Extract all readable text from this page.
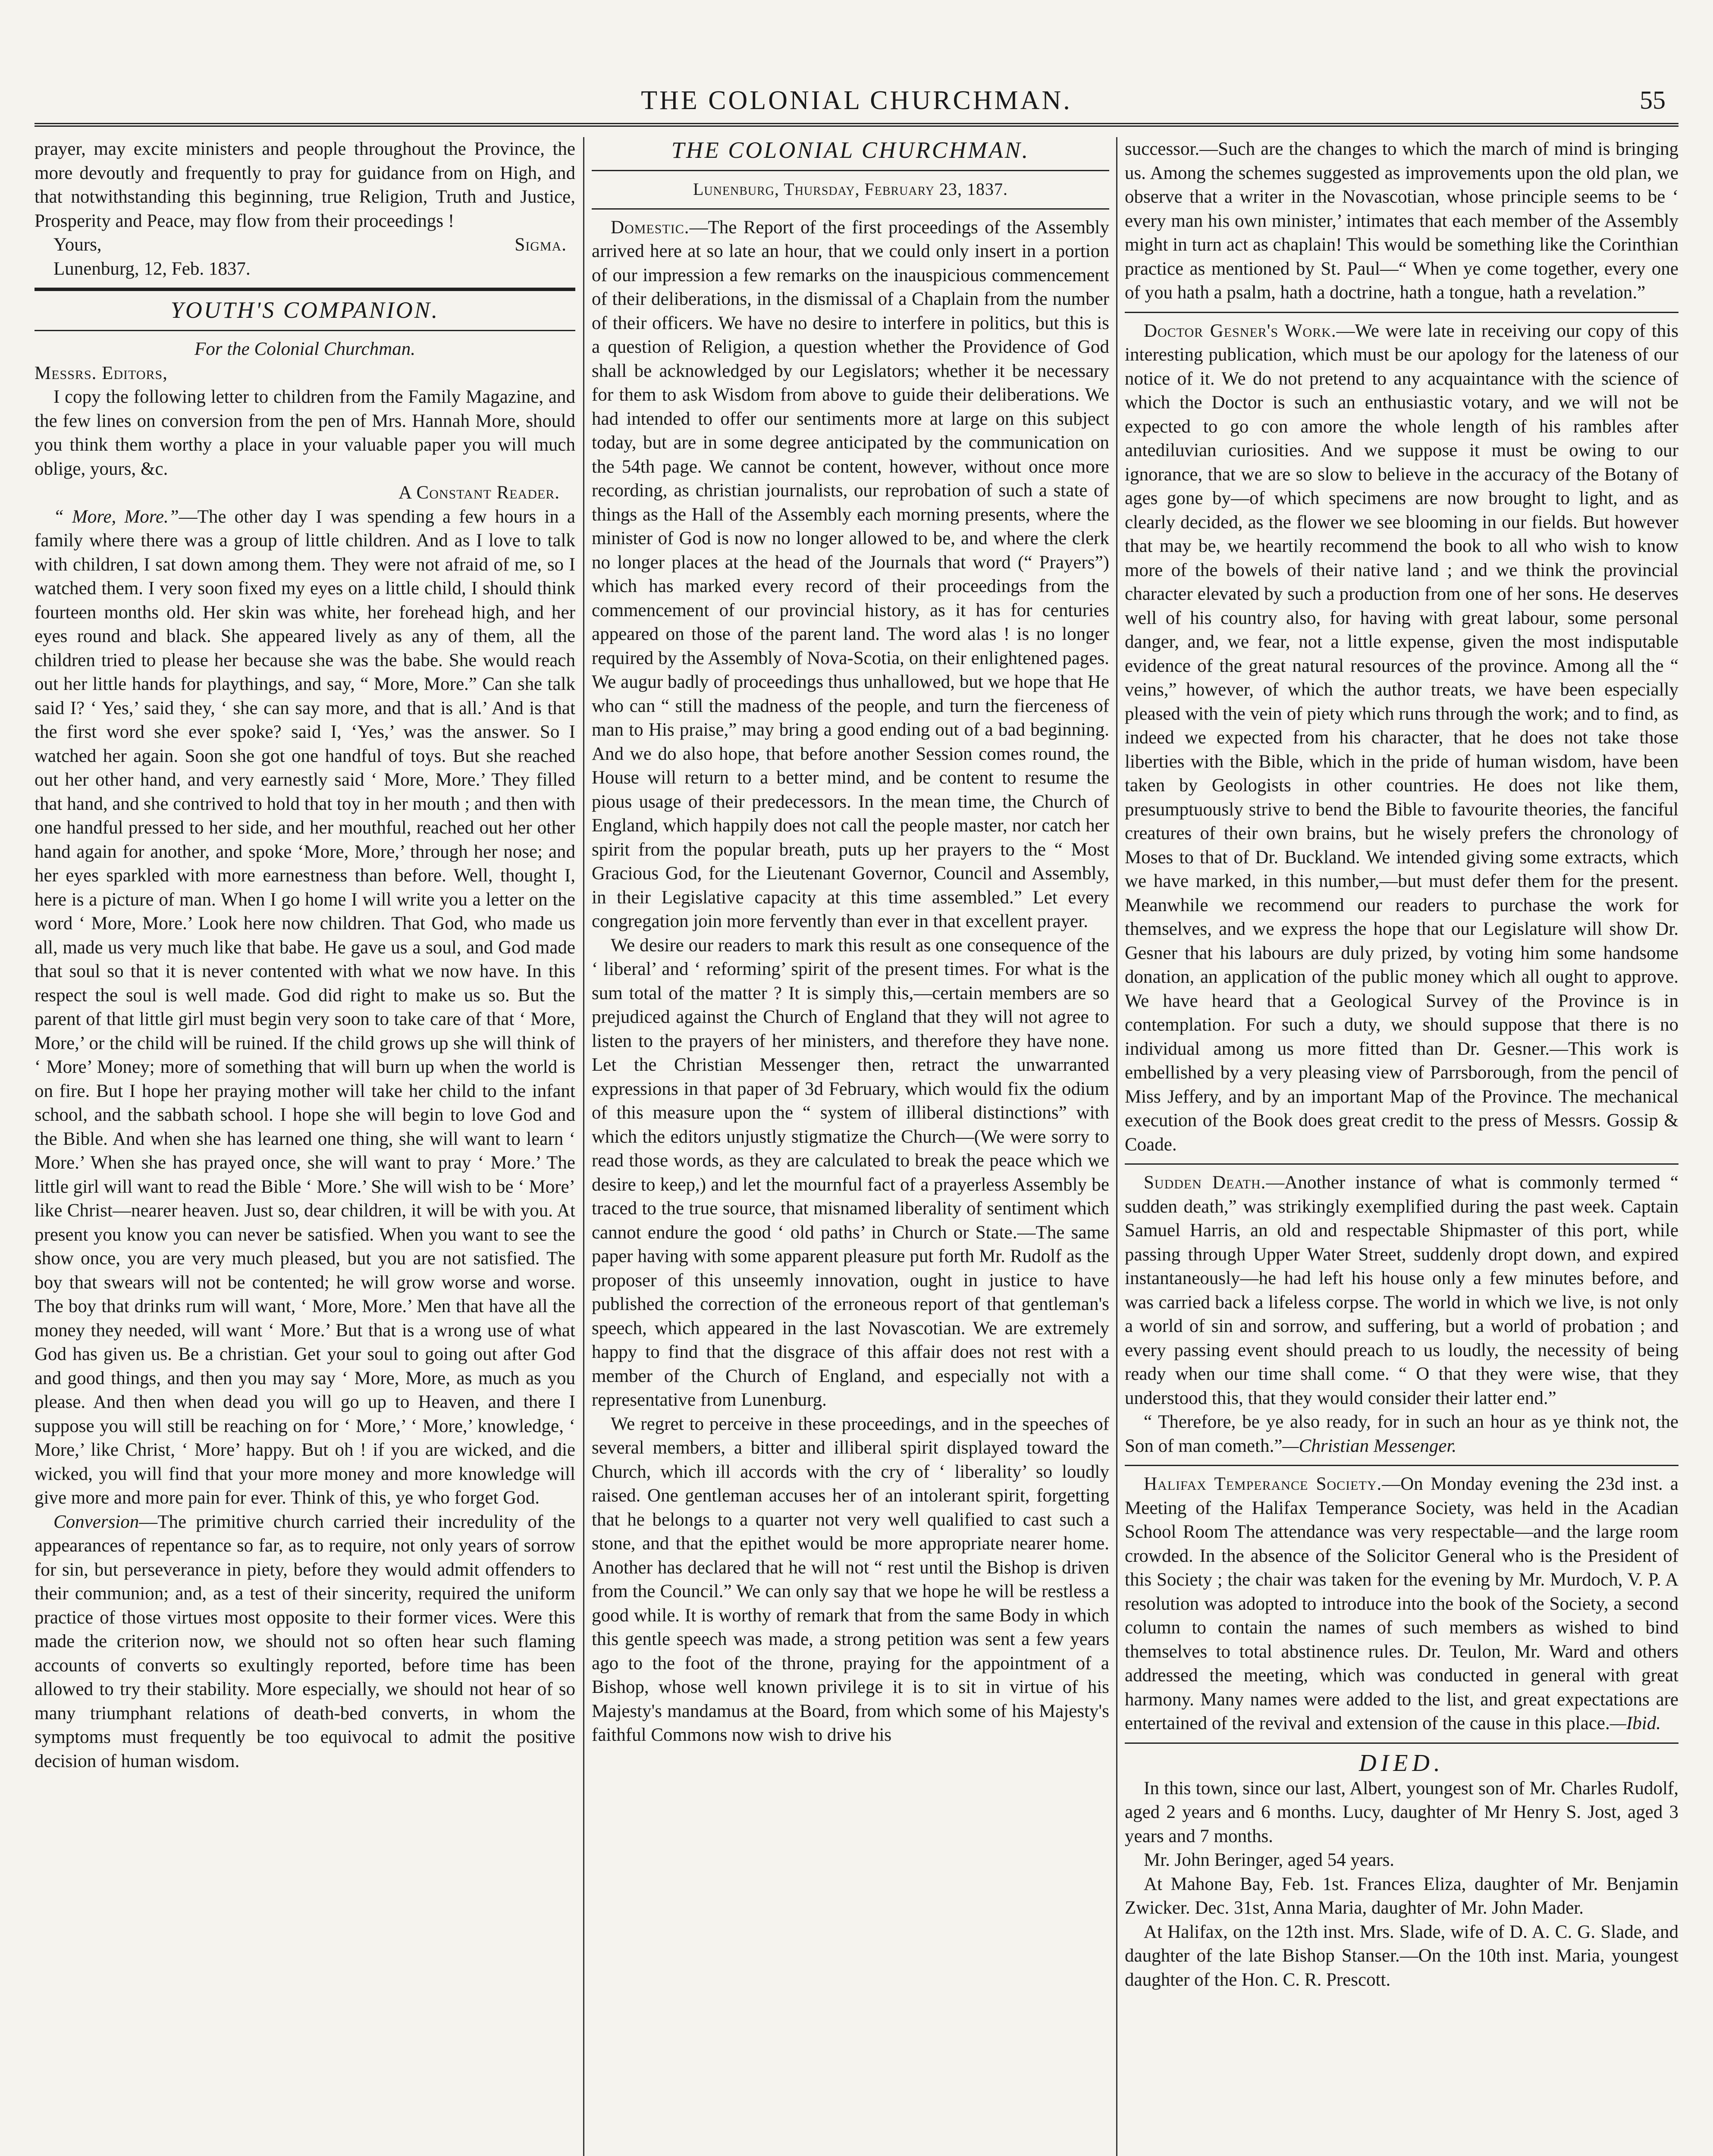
THE COLONIAL CHURCHMAN.	55

prayer, may excite ministers and people throughout the Province, the more devoutly and frequently to pray for guidance from on High, and that notwithstanding this beginning, true Religion, Truth and Justice, Prosperity and Peace, may flow from their proceedings !

Yours,	Sigma.

Lunenburg, 12, Feb. 1837.

YOUTH'S COMPANION.

For the Colonial Churchman.

Messrs. Editors,

I copy the following letter to children from the Family Magazine, and the few lines on conversion from the pen of Mrs. Hannah More, should you think them worthy a place in your valuable paper you will much oblige, yours, &c.

A Constant Reader.

“ More, More.”—The other day I was spending a few hours in a family where there was a group of little children. And as I love to talk with children, I sat down among them. They were not afraid of me, so I watched them. I very soon fixed my eyes on a little child, I should think fourteen months old. Her skin was white, her forehead high, and her eyes round and black. She appeared lively as any of them, all the children tried to please her because she was the babe. She would reach out her little hands for playthings, and say, “ More, More.” Can she talk said I? ‘ Yes,’ said they, ‘ she can say more, and that is all.’ And is that the first word she ever spoke? said I, ‘Yes,’ was the answer. So I watched her again. Soon she got one handful of toys. But she reached out her other hand, and very earnestly said ‘ More, More.’ They filled that hand, and she contrived to hold that toy in her mouth ; and then with one handful pressed to her side, and her mouthful, reached out her other hand again for another, and spoke ‘More, More,’ through her nose; and her eyes sparkled with more earnestness than before. Well, thought I, here is a picture of man. When I go home I will write you a letter on the word ‘ More, More.’ Look here now children. That God, who made us all, made us very much like that babe. He gave us a soul, and God made that soul so that it is never contented with what we now have. In this respect the soul is well made. God did right to make us so. But the parent of that little girl must begin very soon to take care of that ‘ More, More,’ or the child will be ruined. If the child grows up she will think of ‘ More’ Money; more of something that will burn up when the world is on fire. But I hope her praying mother will take her child to the infant school, and the sabbath school. I hope she will begin to love God and the Bible. And when she has learned one thing, she will want to learn ‘ More.’ When she has prayed once, she will want to pray ‘ More.’ The little girl will want to read the Bible ‘ More.’ She will wish to be ‘ More’ like Christ—nearer heaven. Just so, dear children, it will be with you. At present you know you can never be satisfied. When you want to see the show once, you are very much pleased, but you are not satisfied. The boy that swears will not be contented; he will grow worse and worse. The boy that drinks rum will want, ‘ More, More.’ Men that have all the money they needed, will want ‘ More.’ But that is a wrong use of what God has given us. Be a christian. Get your soul to going out after God and good things, and then you may say ‘ More, More, as much as you please. And then when dead you will go up to Heaven, and there I suppose you will still be reaching on for ‘ More,’ ‘ More,’ knowledge, ‘ More,’ like Christ, ‘ More’ happy. But oh ! if you are wicked, and die wicked, you will find that your more money and more knowledge will give more and more pain for ever. Think of this, ye who forget God.

Conversion—The primitive church carried their incredulity of the appearances of repentance so far, as to require, not only years of sorrow for sin, but perseverance in piety, before they would admit offenders to their communion; and, as a test of their sincerity, required the uniform practice of those virtues most opposite to their former vices. Were this made the criterion now, we should not so often hear such flaming accounts of converts so exultingly reported, before time has been allowed to try their stability. More especially, we should not hear of so many triumphant relations of death-bed converts, in whom the symptoms must frequently be too equivocal to admit the positive decision of human wisdom.

THE COLONIAL CHURCHMAN.

Lunenburg, Thursday, February 23, 1837.

Domestic.—The Report of the first proceedings of the Assembly arrived here at so late an hour, that we could only insert in a portion of our impression a few remarks on the inauspicious commencement of their deliberations, in the dismissal of a Chaplain from the number of their officers. We have no desire to interfere in politics, but this is a question of Religion, a question whether the Providence of God shall be acknowledged by our Legislators; whether it be necessary for them to ask Wisdom from above to guide their deliberations. We had intended to offer our sentiments more at large on this subject today, but are in some degree anticipated by the communication on the 54th page. We cannot be content, however, without once more recording, as christian journalists, our reprobation of such a state of things as the Hall of the Assembly each morning presents, where the minister of God is now no longer allowed to be, and where the clerk no longer places at the head of the Journals that word (“ Prayers”) which has marked every record of their proceedings from the commencement of our provincial history, as it has for centuries appeared on those of the parent land. The word alas ! is no longer required by the Assembly of Nova-Scotia, on their enlightened pages. We augur badly of proceedings thus unhallowed, but we hope that He who can “ still the madness of the people, and turn the fierceness of man to His praise,” may bring a good ending out of a bad beginning. And we do also hope, that before another Session comes round, the House will return to a better mind, and be content to resume the pious usage of their predecessors. In the mean time, the Church of England, which happily does not call the people master, nor catch her spirit from the popular breath, puts up her prayers to the “ Most Gracious God, for the Lieutenant Governor, Council and Assembly, in their Legislative capacity at this time assembled.” Let every congregation join more fervently than ever in that excellent prayer.

We desire our readers to mark this result as one consequence of the ‘ liberal’ and ‘ reforming’ spirit of the present times. For what is the sum total of the matter ? It is simply this,—certain members are so prejudiced against the Church of England that they will not agree to listen to the prayers of her ministers, and therefore they have none. Let the Christian Messenger then, retract the unwarranted expressions in that paper of 3d February, which would fix the odium of this measure upon the “ system of illiberal distinctions” with which the editors unjustly stigmatize the Church—(We were sorry to read those words, as they are calculated to break the peace which we desire to keep,) and let the mournful fact of a prayerless Assembly be traced to the true source, that misnamed liberality of sentiment which cannot endure the good ‘ old paths’ in Church or State.—The same paper having with some apparent pleasure put forth Mr. Rudolf as the proposer of this unseemly innovation, ought in justice to have published the correction of the erroneous report of that gentleman's speech, which appeared in the last Novascotian. We are extremely happy to find that the disgrace of this affair does not rest with a member of the Church of England, and especially not with a representative from Lunenburg.

We regret to perceive in these proceedings, and in the speeches of several members, a bitter and illiberal spirit displayed toward the Church, which ill accords with the cry of ‘ liberality’ so loudly raised. One gentleman accuses her of an intolerant spirit, forgetting that he belongs to a quarter not very well qualified to cast such a stone, and that the epithet would be more appropriate nearer home. Another has declared that he will not “ rest until the Bishop is driven from the Council.” We can only say that we hope he will be restless a good while. It is worthy of remark that from the same Body in which this gentle speech was made, a strong petition was sent a few years ago to the foot of the throne, praying for the appointment of a Bishop, whose well known privilege it is to sit in virtue of his Majesty's mandamus at the Board, from which some of his Majesty's faithful Commons now wish to drive his

successor.—Such are the changes to which the march of mind is bringing us. Among the schemes suggested as improvements upon the old plan, we observe that a writer in the Novascotian, whose principle seems to be ‘ every man his own minister,’ intimates that each member of the Assembly might in turn act as chaplain! This would be something like the Corinthian practice as mentioned by St. Paul—“ When ye come together, every one of you hath a psalm, hath a doctrine, hath a tongue, hath a revelation.”

Doctor Gesner's Work.—We were late in receiving our copy of this interesting publication, which must be our apology for the lateness of our notice of it. We do not pretend to any acquaintance with the science of which the Doctor is such an enthusiastic votary, and we will not be expected to go con amore the whole length of his rambles after antediluvian curiosities. And we suppose it must be owing to our ignorance, that we are so slow to believe in the accuracy of the Botany of ages gone by—of which specimens are now brought to light, and as clearly decided, as the flower we see blooming in our fields. But however that may be, we heartily recommend the book to all who wish to know more of the bowels of their native land ; and we think the provincial character elevated by such a production from one of her sons. He deserves well of his country also, for having with great labour, some personal danger, and, we fear, not a little expense, given the most indisputable evidence of the great natural resources of the province. Among all the “ veins,” however, of which the author treats, we have been especially pleased with the vein of piety which runs through the work; and to find, as indeed we expected from his character, that he does not take those liberties with the Bible, which in the pride of human wisdom, have been taken by Geologists in other countries. He does not like them, presumptuously strive to bend the Bible to favourite theories, the fanciful creatures of their own brains, but he wisely prefers the chronology of Moses to that of Dr. Buckland. We intended giving some extracts, which we have marked, in this number,—but must defer them for the present. Meanwhile we recommend our readers to purchase the work for themselves, and we express the hope that our Legislature will show Dr. Gesner that his labours are duly prized, by voting him some handsome donation, an application of the public money which all ought to approve. We have heard that a Geological Survey of the Province is in contemplation. For such a duty, we should suppose that there is no individual among us more fitted than Dr. Gesner.—This work is embellished by a very pleasing view of Parrsborough, from the pencil of Miss Jeffery, and by an important Map of the Province. The mechanical execution of the Book does great credit to the press of Messrs. Gossip & Coade.

Sudden Death.—Another instance of what is commonly termed “ sudden death,” was strikingly exemplified during the past week. Captain Samuel Harris, an old and respectable Shipmaster of this port, while passing through Upper Water Street, suddenly dropt down, and expired instantaneously—he had left his house only a few minutes before, and was carried back a lifeless corpse. The world in which we live, is not only a world of sin and sorrow, and suffering, but a world of probation ; and every passing event should preach to us loudly, the necessity of being ready when our time shall come. “ O that they were wise, that they understood this, that they would consider their latter end.”

“ Therefore, be ye also ready, for in such an hour as ye think not, the Son of man cometh.”—Christian Messenger.

Halifax Temperance Society.—On Monday evening the 23d inst. a Meeting of the Halifax Temperance Society, was held in the Acadian School Room The attendance was very respectable—and the large room crowded. In the absence of the Solicitor General who is the President of this Society ; the chair was taken for the evening by Mr. Murdoch, V. P. A resolution was adopted to introduce into the book of the Society, a second column to contain the names of such members as wished to bind themselves to total abstinence rules. Dr. Teulon, Mr. Ward and others addressed the meeting, which was conducted in general with great harmony. Many names were added to the list, and great expectations are entertained of the revival and extension of the cause in this place.—Ibid.

DIED.

In this town, since our last, Albert, youngest son of Mr. Charles Rudolf, aged 2 years and 6 months. Lucy, daughter of Mr Henry S. Jost, aged 3 years and 7 months.

Mr. John Beringer, aged 54 years.

At Mahone Bay, Feb. 1st. Frances Eliza, daughter of Mr. Benjamin Zwicker. Dec. 31st, Anna Maria, daughter of Mr. John Mader.

At Halifax, on the 12th inst. Mrs. Slade, wife of D. A. C. G. Slade, and daughter of the late Bishop Stanser.—On the 10th inst. Maria, youngest daughter of the Hon. C. R. Prescott.
